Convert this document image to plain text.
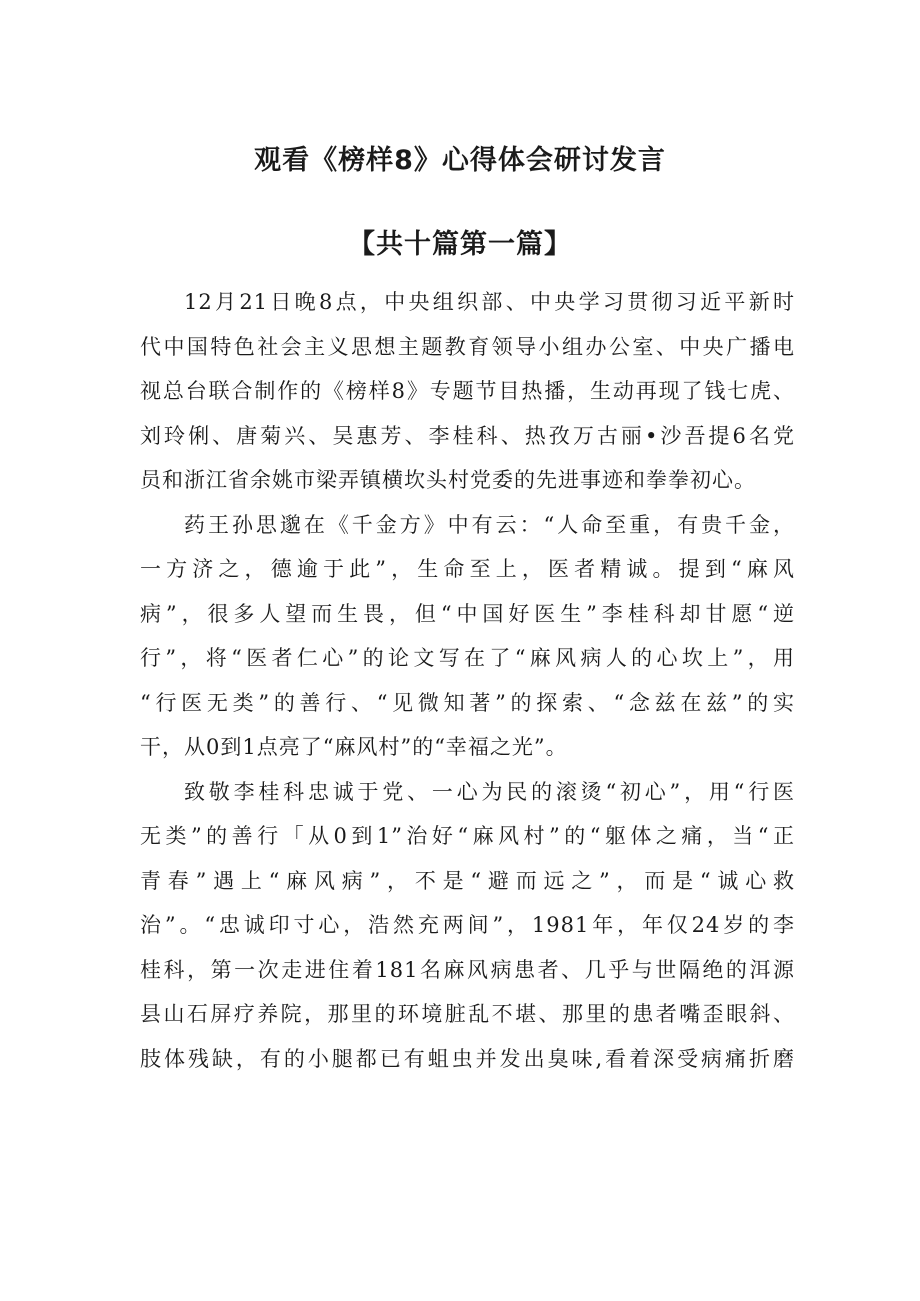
观看《榜样8》心得体会研讨发言
【共十篇第一篇】
12月21日晚8点，中央组织部、中央学习贯彻习近平新时
代中国特色社会主义思想主题教育领导小组办公室、中央广播电
视总台联合制作的《榜样8》专题节目热播，生动再现了钱七虎、
刘玲俐、唐菊兴、吴惠芳、李桂科、热孜万古丽•沙吾提6名党
员和浙江省余姚市梁弄镇横坎头村党委的先进事迹和拳拳初心。
药王孙思邈在《千金方》中有云：“人命至重，有贵千金，
一方济之，德逾于此”，生命至上，医者精诚。提到“麻风
病”，很多人望而生畏，但“中国好医生”李桂科却甘愿“逆
行”，将“医者仁心”的论文写在了“麻风病人的心坎上”，用
“行医无类”的善行、“见微知著”的探索、“念兹在兹”的实
干，从0到1点亮了“麻风村”的“幸福之光”。
致敬李桂科忠诚于党、一心为民的滚烫“初心”，用“行医
无类”的善行「从0到1”治好“麻风村”的“躯体之痛，当“正
青春”遇上“麻风病”，不是“避而远之”，而是“诚心救
治”。“忠诚印寸心，浩然充两间”，1981年，年仅24岁的李
桂科，第一次走进住着181名麻风病患者、几乎与世隔绝的洱源
县山石屏疗养院，那里的环境脏乱不堪、那里的患者嘴歪眼斜、
肢体残缺，有的小腿都已有蛆虫并发出臭味,看着深受病痛折磨
